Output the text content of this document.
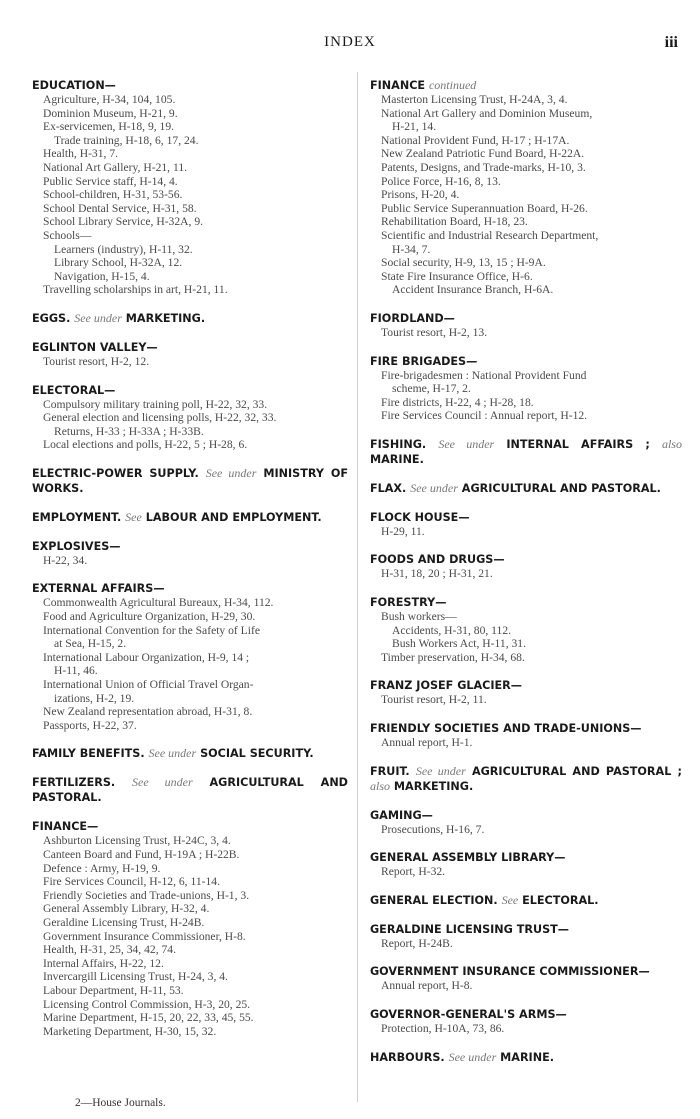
INDEX	iii
EDUCATION—
Agriculture, H-34, 104, 105.
Dominion Museum, H-21, 9.
Ex-servicemen, H-18, 9, 19.
Trade training, H-18, 6, 17, 24.
Health, H-31, 7.
National Art Gallery, H-21, 11.
Public Service staff, H-14, 4.
School-children, H-31, 53-56.
School Dental Service, H-31, 58.
School Library Service, H-32A, 9.
Schools—
Learners (industry), H-11, 32.
Library School, H-32A, 12.
Navigation, H-15, 4.
Travelling scholarships in art, H-21, 11.
EGGS. See under MARKETING.
EGLINTON VALLEY—
Tourist resort, H-2, 12.
ELECTORAL—
Compulsory military training poll, H-22, 32, 33.
General election and licensing polls, H-22, 32, 33.
Returns, H-33 ; H-33A ; H-33B.
Local elections and polls, H-22, 5 ; H-28, 6.
ELECTRIC-POWER SUPPLY. See under MINISTRY OF WORKS.
EMPLOYMENT. See LABOUR AND EMPLOYMENT.
EXPLOSIVES—
H-22, 34.
EXTERNAL AFFAIRS—
Commonwealth Agricultural Bureaux, H-34, 112.
Food and Agriculture Organization, H-29, 30.
International Convention for the Safety of Life
at Sea, H-15, 2.
International Labour Organization, H-9, 14 ;
H-11, 46.
International Union of Official Travel Organ-
izations, H-2, 19.
New Zealand representation abroad, H-31, 8.
Passports, H-22, 37.
FAMILY BENEFITS. See under SOCIAL SECURITY.
FERTILIZERS. See under AGRICULTURAL AND PASTORAL.
FINANCE—
Ashburton Licensing Trust, H-24C, 3, 4.
Canteen Board and Fund, H-19A ; H-22B.
Defence : Army, H-19, 9.
Fire Services Council, H-12, 6, 11-14.
Friendly Societies and Trade-unions, H-1, 3.
General Assembly Library, H-32, 4.
Geraldine Licensing Trust, H-24B.
Government Insurance Commissioner, H-8.
Health, H-31, 25, 34, 42, 74.
Internal Affairs, H-22, 12.
Invercargill Licensing Trust, H-24, 3, 4.
Labour Department, H-11, 53.
Licensing Control Commission, H-3, 20, 25.
Marine Department, H-15, 20, 22, 33, 45, 55.
Marketing Department, H-30, 15, 32.
FINANCE continued
Masterton Licensing Trust, H-24A, 3, 4.
National Art Gallery and Dominion Museum,
H-21, 14.
National Provident Fund, H-17 ; H-17A.
New Zealand Patriotic Fund Board, H-22A.
Patents, Designs, and Trade-marks, H-10, 3.
Police Force, H-16, 8, 13.
Prisons, H-20, 4.
Public Service Superannuation Board, H-26.
Rehabilitation Board, H-18, 23.
Scientific and Industrial Research Department,
H-34, 7.
Social security, H-9, 13, 15 ; H-9A.
State Fire Insurance Office, H-6.
Accident Insurance Branch, H-6A.
FIORDLAND—
Tourist resort, H-2, 13.
FIRE BRIGADES—
Fire-brigadesmen : National Provident Fund
scheme, H-17, 2.
Fire districts, H-22, 4 ; H-28, 18.
Fire Services Council : Annual report, H-12.
FISHING. See under INTERNAL AFFAIRS ; also MARINE.
FLAX. See under AGRICULTURAL AND PASTORAL.
FLOCK HOUSE—
H-29, 11.
FOODS AND DRUGS—
H-31, 18, 20 ; H-31, 21.
FORESTRY—
Bush workers—
Accidents, H-31, 80, 112.
Bush Workers Act, H-11, 31.
Timber preservation, H-34, 68.
FRANZ JOSEF GLACIER—
Tourist resort, H-2, 11.
FRIENDLY SOCIETIES AND TRADE-UNIONS—
Annual report, H-1.
FRUIT. See under AGRICULTURAL AND PASTORAL ; also MARKETING.
GAMING—
Prosecutions, H-16, 7.
GENERAL ASSEMBLY LIBRARY—
Report, H-32.
GENERAL ELECTION. See ELECTORAL.
GERALDINE LICENSING TRUST—
Report, H-24B.
GOVERNMENT INSURANCE COMMISSIONER—
Annual report, H-8.
GOVERNOR-GENERAL'S ARMS—
Protection, H-10A, 73, 86.
HARBOURS. See under MARINE.
2—House Journals.
